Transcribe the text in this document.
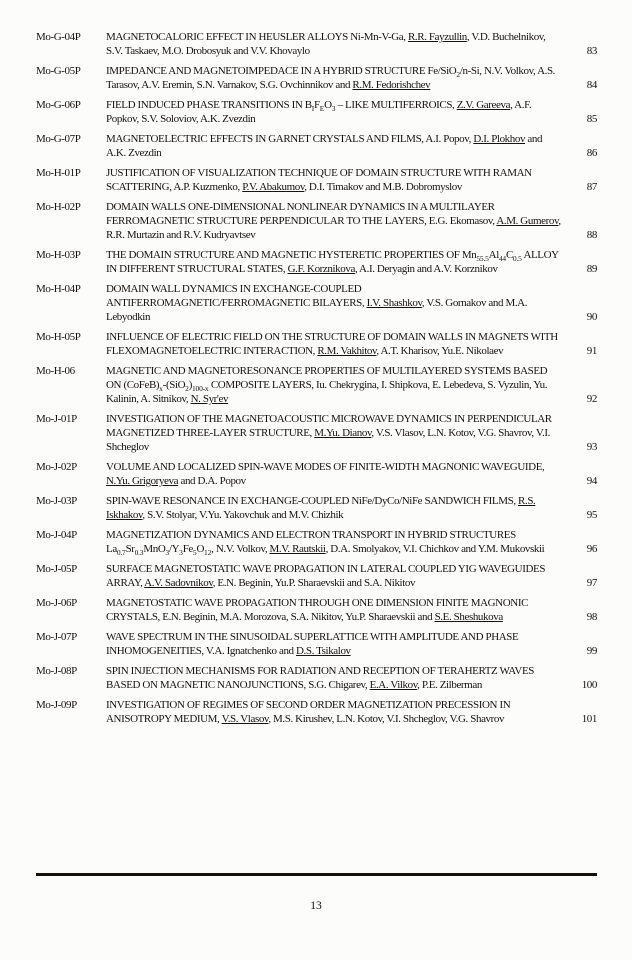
Mo-G-04P	MAGNETOCALORIC EFFECT IN HEUSLER ALLOYS Ni-Mn-V-Ga, R.R. Fayzullin, V.D. Buchelnikov, S.V. Taskaev, M.O. Drobosyuk and V.V. Khovaylo	83
Mo-G-05P	IMPEDANCE AND MAGNETOIMPEDACE IN A HYBRID STRUCTURE Fe/SiO$_2$/n-Si, N.V. Volkov, A.S. Tarasov, A.V. Eremin, S.N. Varnakov, S.G. Ovchinnikov and R.M. Fedorishchev	84
Mo-G-06P	FIELD INDUCED PHASE TRANSITIONS IN $B_IF_EO_3$ – LIKE MULTIFERROICS, Z.V. Gareeva, A.F. Popkov, S.V. Soloviov, A.K. Zvezdin	85
Mo-G-07P	MAGNETOELECTRIC EFFECTS IN GARNET CRYSTALS AND FILMS, A.I. Popov, D.I. Plokhov and A.K. Zvezdin	86
Mo-H-01P	JUSTIFICATION OF VISUALIZATION TECHNIQUE OF DOMAIN STRUCTURE WITH RAMAN SCATTERING, A.P. Kuzmenko, P.V. Abakumov, D.I. Timakov and M.B. Dobromyslov	87
Mo-H-02P	DOMAIN WALLS ONE-DIMENSIONAL NONLINEAR DYNAMICS IN A MULTILAYER FERROMAGNETIC STRUCTURE PERPENDICULAR TO THE LAYERS, E.G. Ekomasov, A.M. Gumerov, R.R. Murtazin and R.V. Kudryavtsev	88
Mo-H-03P	THE DOMAIN STRUCTURE AND MAGNETIC HYSTERETIC PROPERTIES OF $Mn_{55.5}Al_{44}C_{0.5}$ ALLOY IN DIFFERENT STRUCTURAL STATES, G.F. Korznikova, A.I. Deryagin and A.V. Korznikov	89
Mo-H-04P	DOMAIN WALL DYNAMICS IN EXCHANGE-COUPLED ANTIFERROMAGNETIC/FERROMAGNETIC BILAYERS, I.V. Shashkov, V.S. Gornakov and M.A. Lebyodkin	90
Mo-H-05P	INFLUENCE OF ELECTRIC FIELD ON THE STRUCTURE OF DOMAIN WALLS IN MAGNETS WITH FLEXOMAGNETOELECTRIC INTERACTION, R.M. Vakhitov, A.T. Kharisov, Yu.E. Nikolaev	91
Mo-H-06	MAGNETIC AND MAGNETORESONANCE PROPERTIES OF MULTILAYERED SYSTEMS BASED ON $(CoFeB)_x-(SiO_2)_{100-x}$ COMPOSITE LAYERS, Iu. Chekrygina, I. Shipkova, E. Lebedeva, S. Vyzulin, Yu. Kalinin, A. Sitnikov, N. Syr'ev	92
Mo-J-01P	INVESTIGATION OF THE MAGNETOACOUSTIC MICROWAVE DYNAMICS IN PERPENDICULAR MAGNETIZED THREE-LAYER STRUCTURE, M.Yu. Dianov, V.S. Vlasov, L.N. Kotov, V.G. Shavrov, V.I. Shcheglov	93
Mo-J-02P	VOLUME AND LOCALIZED SPIN-WAVE MODES OF FINITE-WIDTH MAGNONIC WAVEGUIDE, N.Yu. Grigoryeva and D.A. Popov	94
Mo-J-03P	SPIN-WAVE RESONANCE IN EXCHANGE-COUPLED NiFe/DyCo/NiFe SANDWICH FILMS, R.S. Iskhakov, S.V. Stolyar, V.Yu. Yakovchuk and M.V. Chizhik	95
Mo-J-04P	MAGNETIZATION DYNAMICS AND ELECTRON TRANSPORT IN HYBRID STRUCTURES $La_{0.7}Sr_{0.3}MnO_3/Y_3Fe_5O_{12}$, N.V. Volkov, M.V. Rautskii, D.A. Smolyakov, V.I. Chichkov and Y.M. Mukovskii	96
Mo-J-05P	SURFACE MAGNETOSTATIC WAVE PROPAGATION IN LATERAL COUPLED YIG WAVEGUIDES ARRAY, A.V. Sadovnikov, E.N. Beginin, Yu.P. Sharaevskii and S.A. Nikitov	97
Mo-J-06P	MAGNETOSTATIC WAVE PROPAGATION THROUGH ONE DIMENSION FINITE MAGNONIC CRYSTALS, E.N. Beginin, M.A. Morozova, S.A. Nikitov, Yu.P. Sharaevskii and S.E. Sheshukova	98
Mo-J-07P	WAVE SPECTRUM IN THE SINUSOIDAL SUPERLATTICE WITH AMPLITUDE AND PHASE INHOMOGENEITIES, V.A. Ignatchenko and D.S. Tsikalov	99
Mo-J-08P	SPIN INJECTION MECHANISMS FOR RADIATION AND RECEPTION OF TERAHERTZ WAVES BASED ON MAGNETIC NANOJUNCTIONS, S.G. Chigarev, E.A. Vilkov, P.E. Zilberman	100
Mo-J-09P	INVESTIGATION OF REGIMES OF SECOND ORDER MAGNETIZATION PRECESSION IN ANISOTROPY MEDIUM, V.S. Vlasov, M.S. Kirushev, L.N. Kotov, V.I. Shcheglov, V.G. Shavrov	101
13
